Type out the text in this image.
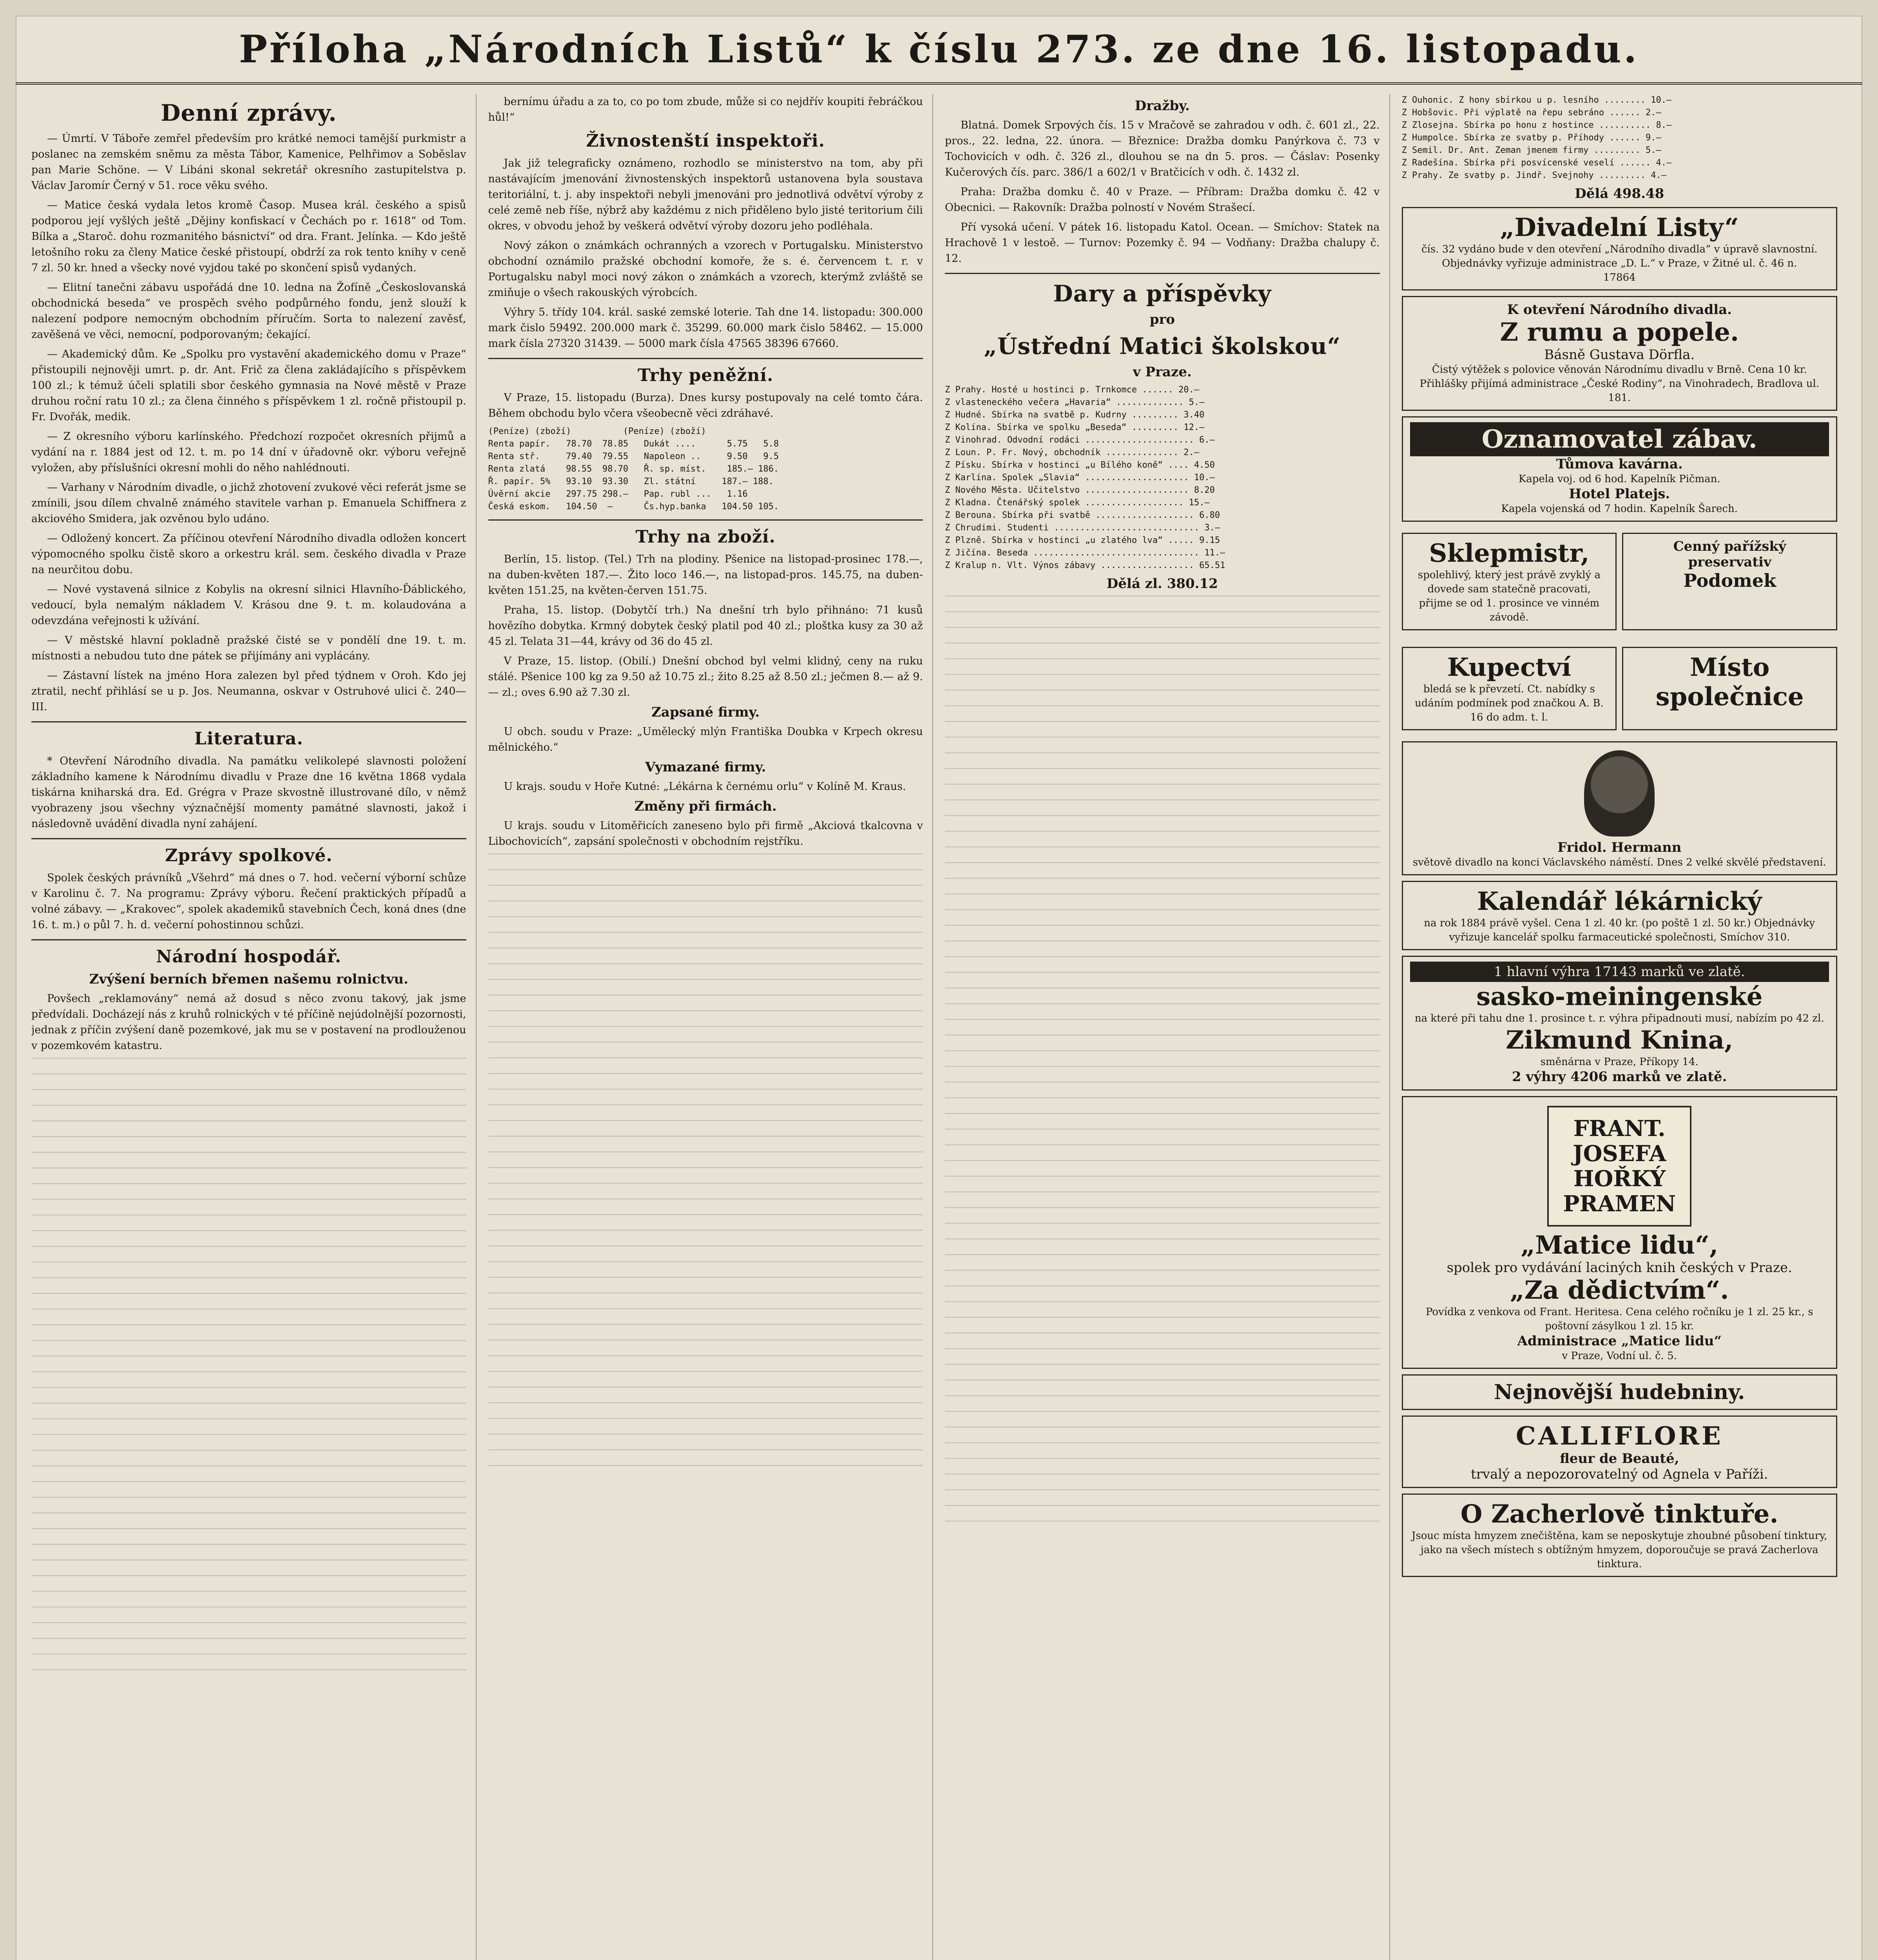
Příloha „Národních Listů“ k číslu 273. ze dne 16. listopadu.
Denní zprávy.

— Úmrtí. V Táboře zemřel především pro krátké nemoci tamější purkmistr a poslanec na zemském sněmu za města Tábor, Kamenice, Pelhřimov a Soběslav pan Marie Schöne. — V Libáni skonal sekretář okresního zastupitelstva p. Václav Jaromír Černý v 51. roce věku svého.

— Matice česká vydala letos kromě Časop. Musea král. českého a spisů podporou její vyšlých ještě „Dějiny konfiskací v Čechách po r. 1618“ od Tom. Bílka a „Staroč. dohu rozmanitého básnictví“ od dra. Frant. Jelínka. — Kdo ještě letošního roku za členy Matice české přistoupí, obdrží za rok tento knihy v ceně 7 zl. 50 kr. hned a všecky nové vyjdou také po skončení spisů vydaných.

— Elitní tanečni zábavu uspořádá dne 10. ledna na Žofíně „Českoslovanská obchodnická beseda“ ve prospěch svého podpůrného fondu, jenž slouží k nalezení podpore nemocným obchodním příručím. Sorta to nalezení zavěsť, zavěšená ve věci, nemocní, podporovaným; čekající.

— Akademický dům. Ke „Spolku pro vystavění akademického domu v Praze“ přistoupili nejnověji umrt. p. dr. Ant. Frič za člena zakládajícího s příspěvkem 100 zl.; k témuž účeli splatili sbor českého gymnasia na Nové městě v Praze druhou roční ratu 10 zl.; za člena činného s příspěvkem 1 zl. ročně přistoupil p. Fr. Dvořák, medik.

— Z okresního výboru karlínského. Předchozí rozpočet okresních přijmů a vydání na r. 1884 jest od 12. t. m. po 14 dní v úřadovně okr. výboru veřejně vyložen, aby příslušníci okresní mohli do něho nahlédnouti.

— Varhany v Národním divadle, o jichž zhotovení zvukové věci referát jsme se zmínili, jsou dílem chvalně známého stavitele varhan p. Emanuela Schiffnera z akciového Smidera, jak ozvěnou bylo udáno.

— Odložený koncert. Za příčinou otevření Národního divadla odložen koncert výpomocného spolku čistě skoro a orkestru král. sem. českého divadla v Praze na neurčitou dobu.

— Nové vystavená silnice z Kobylis na okresní silnici Hlavního-Ďáblického, vedoucí, byla nemalým nákladem V. Krásou dne 9. t. m. kolaudována a odevzdána veřejnosti k užívání.

— V městské hlavní pokladně pražské čisté se v pondělí dne 19. t. m. místnosti a nebudou tuto dne pátek se přijímány ani vyplácány.

— Zástavní lístek na jméno Hora zalezen byl před týdnem v Oroh. Kdo jej ztratil, nechť přihlásí se u p. Jos. Neumanna, oskvar v Ostruhové ulici č. 240—III.

Literatura.

* Otevření Národního divadla. Na památku velikolepé slavnosti položení základního kamene k Národnímu divadlu v Praze dne 16 května 1868 vydala tiskárna kniharská dra. Ed. Grégra v Praze skvostně illustrované dílo, v němž vyobrazeny jsou všechny význačnější momenty památné slavnosti, jakož i následovně uvádění divadla nyní zahájení.

Zprávy spolkové.

Spolek českých právníků „Všehrd“ má dnes o 7. hod. večerní výborní schůze v Karolinu č. 7. Na programu: Zprávy výboru. Řečení praktických případů a volné zábavy. — „Krakovec“, spolek akademiků stavebních Čech, koná dnes (dne 16. t. m.) o půl 7. h. d. večerní pohostinnou schůzi.

Národní hospodář.
Zvýšení berních břemen našemu rolnictvu.

Povšech „reklamovány“ nemá až dosud s něco zvonu takový, jak jsme předvídali. Docházejí nás z kruhů rolnických v té příčině nejúdolnější pozornosti, jednak z příčin zvýšení daně pozemkové, jak mu se v postavení na prodlouženou v pozemkovém katastru.

bernímu úřadu a za to, co po tom zbude, může si co nejdřív koupiti řebráčkou hůl!“

Živnostenští inspektoři.

Jak již telegraficky oznámeno, rozhodlo se ministerstvo na tom, aby při nastávajícím jmenování živnostenských inspektorů ustanovena byla soustava teritoriální, t. j. aby inspektoři nebyli jmenováni pro jednotlivá odvětví výroby z celé země neb říše, nýbrž aby každému z nich přiděleno bylo jisté teritorium čili okres, v obvodu jehož by veškerá odvětví výroby dozoru jeho podléhala.

Nový zákon o známkách ochranných a vzorech v Portugalsku. Ministerstvo obchodní oznámilo pražské obchodní komoře, že s. é. červencem t. r. v Portugalsku nabyl moci nový zákon o známkách a vzorech, kterýmž zvláště se zmiňuje o všech rakouských výrobcích.

Výhry 5. třídy 104. král. saské zemské loterie. Tah dne 14. listopadu: 300.000 mark čislo 59492. 200.000 mark č. 35299. 60.000 mark čislo 58462. — 15.000 mark čísla 27320 31439. — 5000 mark čísla 47565 38396 67660.

Trhy peněžní.

V Praze, 15. listopadu (Burza). Dnes kursy postupovaly na celé tomto čára. Během obchodu bylo včera všeobecně věci zdráhavé.

(Peníze) (zboží)          (Peníze) (zboží)
Renta papír.   78.70  78.85   Dukát ....      5.75   5.8
Renta stř.     79.40  79.55   Napoleon ..     9.50   9.5
Renta zlatá    98.55  98.70   Ř. sp. míst.    185.— 186.
Ř. papír. 5%   93.10  93.30   Zl. státní     187.— 188.
Úvěrní akcie   297.75 298.—   Pap. rubl ...   1.16
Česká eskom.   104.50  —      Čs.hyp.banka   104.50 105.
Trhy na zboží.

Berlín, 15. listop. (Tel.) Trh na plodiny. Pšenice na listopad-prosinec 178.—, na duben-květen 187.—. Žito loco 146.—, na listopad-pros. 145.75, na duben-květen 151.25, na květen-červen 151.75.

Praha, 15. listop. (Dobytčí trh.) Na dnešní trh bylo přihnáno: 71 kusů hovězího dobytka. Krmný dobytek český platil pod 40 zl.; ploštka kusy za 30 až 45 zl. Telata 31—44, krávy od 36 do 45 zl.

V Praze, 15. listop. (Obilí.) Dnešní obchod byl velmi klidný, ceny na ruku stálé. Pšenice 100 kg za 9.50 až 10.75 zl.; žito 8.25 až 8.50 zl.; ječmen 8.— až 9.— zl.; oves 6.90 až 7.30 zl.

Zapsané firmy.

U obch. soudu v Praze: „Umělecký mlýn Františka Doubka v Krpech okresu mělnického.“

Vymazané firmy.

U krajs. soudu v Hoře Kutné: „Lékárna k černému orlu“ v Kolíně M. Kraus.

Změny při firmách.

U krajs. soudu v Litoměřicích zaneseno bylo při firmě „Akciová tkalcovna v Libochovicích“, zapsání společnosti v obchodním rejstříku.

Dražby.

Blatná. Domek Srpových čís. 15 v Mračově se zahradou v odh. č. 601 zl., 22. pros., 22. ledna, 22. února. — Březnice: Dražba domku Panýrkova č. 73 v Tochovicích v odh. č. 326 zl., dlouhou se na dn 5. pros. — Čáslav: Posenky Kučerových čís. parc. 386/1 a 602/1 v Bratčicích v odh. č. 1432 zl.

Praha: Dražba domku č. 40 v Praze. — Příbram: Dražba domku č. 42 v Obecnici. — Rakovník: Dražba polností v Novém Strašecí.

Pří vysoká učení. V pátek 16. listopadu Katol. Ocean. — Smíchov: Statek na Hrachově 1 v lestoě. — Turnov: Pozemky č. 94 — Vodňany: Dražba chalupy č. 12.

Dary a příspěvky
pro
„Ústřední Matici školskou“
v Praze.
Z Prahy. Hosté u hostinci p. Trnkomce ...... 20.—
Z vlasteneckého večera „Havaria“ ............. 5.—
Z Hudné. Sbírka na svatbě p. Kudrny ......... 3.40
Z Kolína. Sbírka ve spolku „Beseda“ ......... 12.—
Z Vinohrad. Odvodní rodáci ..................... 6.—
Z Loun. P. Fr. Nový, obchodník .............. 2.—
Z Písku. Sbírka v hostinci „u Bílého koně“ .... 4.50
Z Karlína. Spolek „Slavia“ .................... 10.—
Z Nového Města. Učitelstvo .................... 8.20
Z Kladna. Čtenářský spolek ................... 15.—
Z Berouna. Sbírka při svatbě ................... 6.80
Z Chrudimi. Studenti ............................ 3.—
Z Plzně. Sbírka v hostinci „u zlatého lva“ ..... 9.15
Z Jičína. Beseda ................................ 11.—
Z Kralup n. Vlt. Výnos zábavy .................. 65.51
Dělá zl. 380.12
Z Ouhonic. Z hony sbírkou u p. lesního ........ 10.—
Z Hobšovic. Při výplatě na řepu sebráno ...... 2.—
Z Zlosejna. Sbírka po honu z hostince .......... 8.—
Z Humpolce. Sbírka ze svatby p. Příhody ...... 9.—
Z Semil. Dr. Ant. Zeman jmenem firmy ......... 5.—
Z Radešína. Sbírka při posvícenské veselí ...... 4.—
Z Prahy. Ze svatby p. Jindř. Svejnohy ......... 4.—
Dělá 498.48
„Divadelní Listy“
čís. 32 vydáno bude v den otevření „Národního divadla“ v úpravě slavnostní. Objednávky vyřizuje administrace „D. L.“ v Praze, v Žitné ul. č. 46 n.
17864
K otevření Národního divadla.
Z rumu a popele.
Básně Gustava Dörfla.
Čistý výtěžek s polovice věnován Národnímu divadlu v Brně. Cena 10 kr. Přihlášky přijímá administrace „České Rodiny“, na Vinohradech, Bradlova ul. 181.
Oznamovatel zábav.
Tůmova kavárna.
Kapela voj. od 6 hod. Kapelník Pičman.
Hotel Platejs.
Kapela vojenská od 7 hodin. Kapelník Šarech.
Sklepmistr,
spolehlivý, který jest právě zvyklý a dovede sam statečně pracovati, přijme se od 1. prosince ve vinném závodě.
Cenný pařížský preservativ
Podomek
Kupectví
bledá se k převzetí. Ct. nabídky s udáním podmínek pod značkou A. B. 16 do adm. t. l.
Místo společnice
Fridol. Hermann
světově divadlo na konci Václavského náměstí. Dnes 2 velké skvělé představení.
Kalendář lékárnický
na rok 1884 právě vyšel. Cena 1 zl. 40 kr. (po poště 1 zl. 50 kr.) Objednávky vyřizuje kancelář spolku farmaceutické společnosti, Smíchov 310.
1 hlavní výhra 17143 marků ve zlatě.
sasko-meiningenské
na které při tahu dne 1. prosince t. r. výhra připadnouti musí, nabízím po 42 zl.
Zikmund Knina,
směnárna v Praze, Příkopy 14.
2 výhry 4206 marků ve zlatě.
FRANT.
JOSEFA
HOŘKÝ
PRAMEN
„Matice lidu“,
spolek pro vydávání laciných knih českých v Praze.
„Za dědictvím“.
Povídka z venkova od Frant. Heritesa. Cena celého ročníku je 1 zl. 25 kr., s poštovní zásylkou 1 zl. 15 kr.
Administrace „Matice lidu“
v Praze, Vodní ul. č. 5.
Nejnovější hudebniny.
CALLIFLORE
fleur de Beauté,
trvalý a nepozorovatelný od Agnela v Paříži.
O Zacherlově tinktuře.
Jsouc místa hmyzem znečištěna, kam se neposkytuje zhoubné působení tinktury, jako na všech místech s obtížným hmyzem, doporoučuje se pravá Zacherlova tinktura.
